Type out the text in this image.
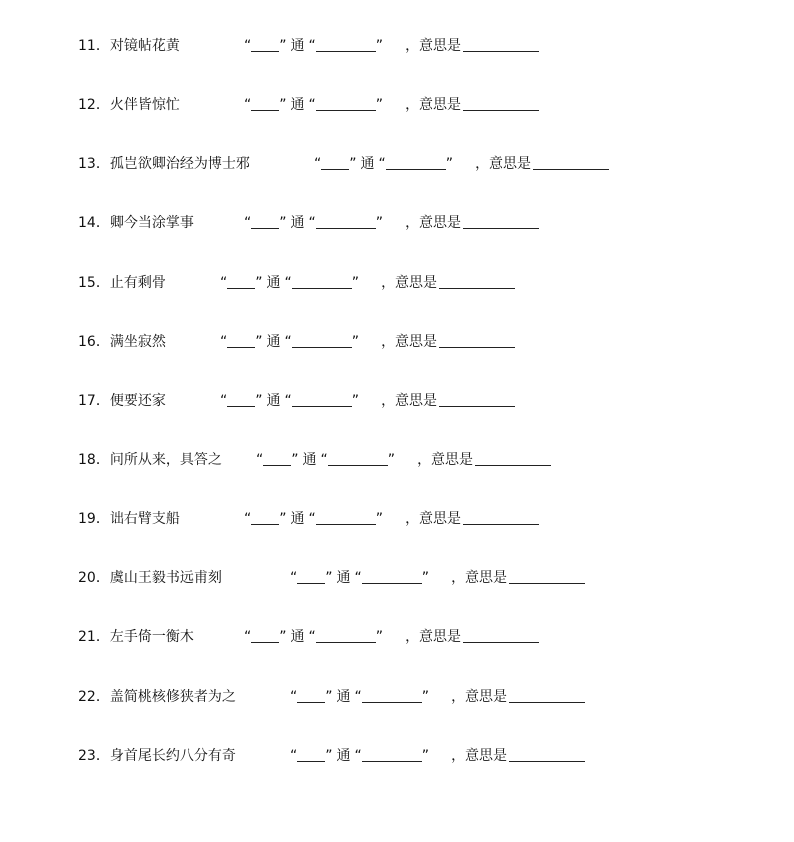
11．对镜帖花黄	“ ” 通 “	” ，意思是
12．火伴皆惊忙	“ ” 通 “	” ，意思是
13．孤岂欲卿治经为博士邪	“ ” 通 “	” ，意思是
14．卿今当涂掌事	“ ” 通 “	” ，意思是
15．止有剩骨	“ ” 通 “	” ，意思是
16．满坐寂然	“ ” 通 “	” ，意思是
17．便要还家	“ ” 通 “	” ，意思是
18．问所从来，具答之 “ ” 通 “	” ，意思是
19．诎右臂支船	“ ” 通 “	” ，意思是
20．虞山王毅书远甫刻	“ ” 通 “	” ，意思是
21．左手倚一衡木	“ ” 通 “	” ，意思是
22．盖简桃核修狭者为之	“ ” 通 “	” ，意思是
23．身首尾长约八分有奇	“ ” 通 “	” ，意思是
